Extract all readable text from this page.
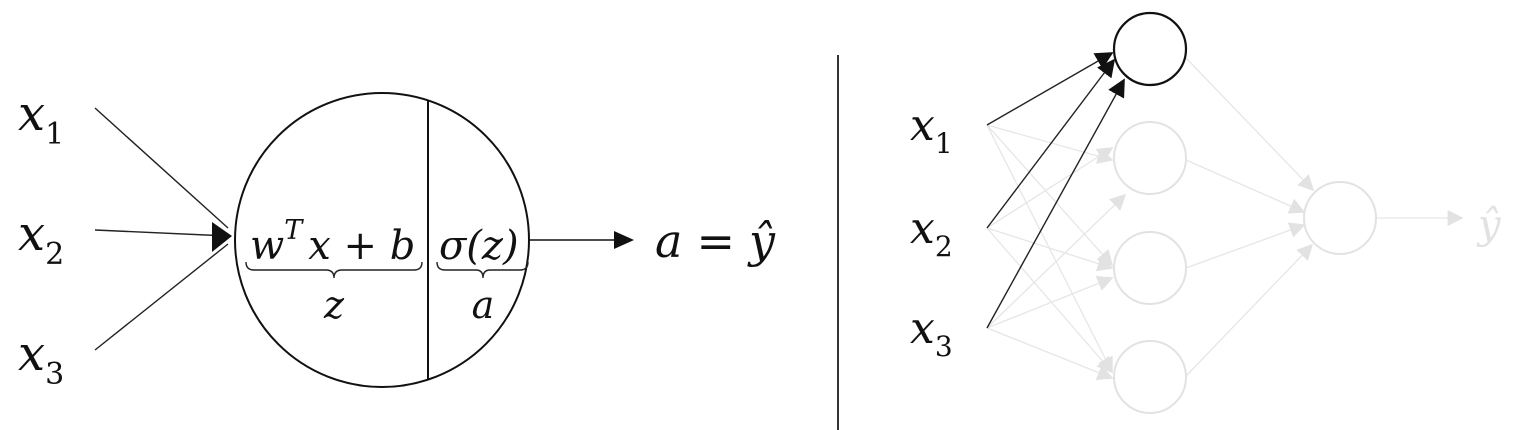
$x_1$
$x_2$
$x_3$
$w^T$ x + b
z
σ(z)
a
a = ŷ
$x_1$
$x_2$
$x_3$
ŷ
